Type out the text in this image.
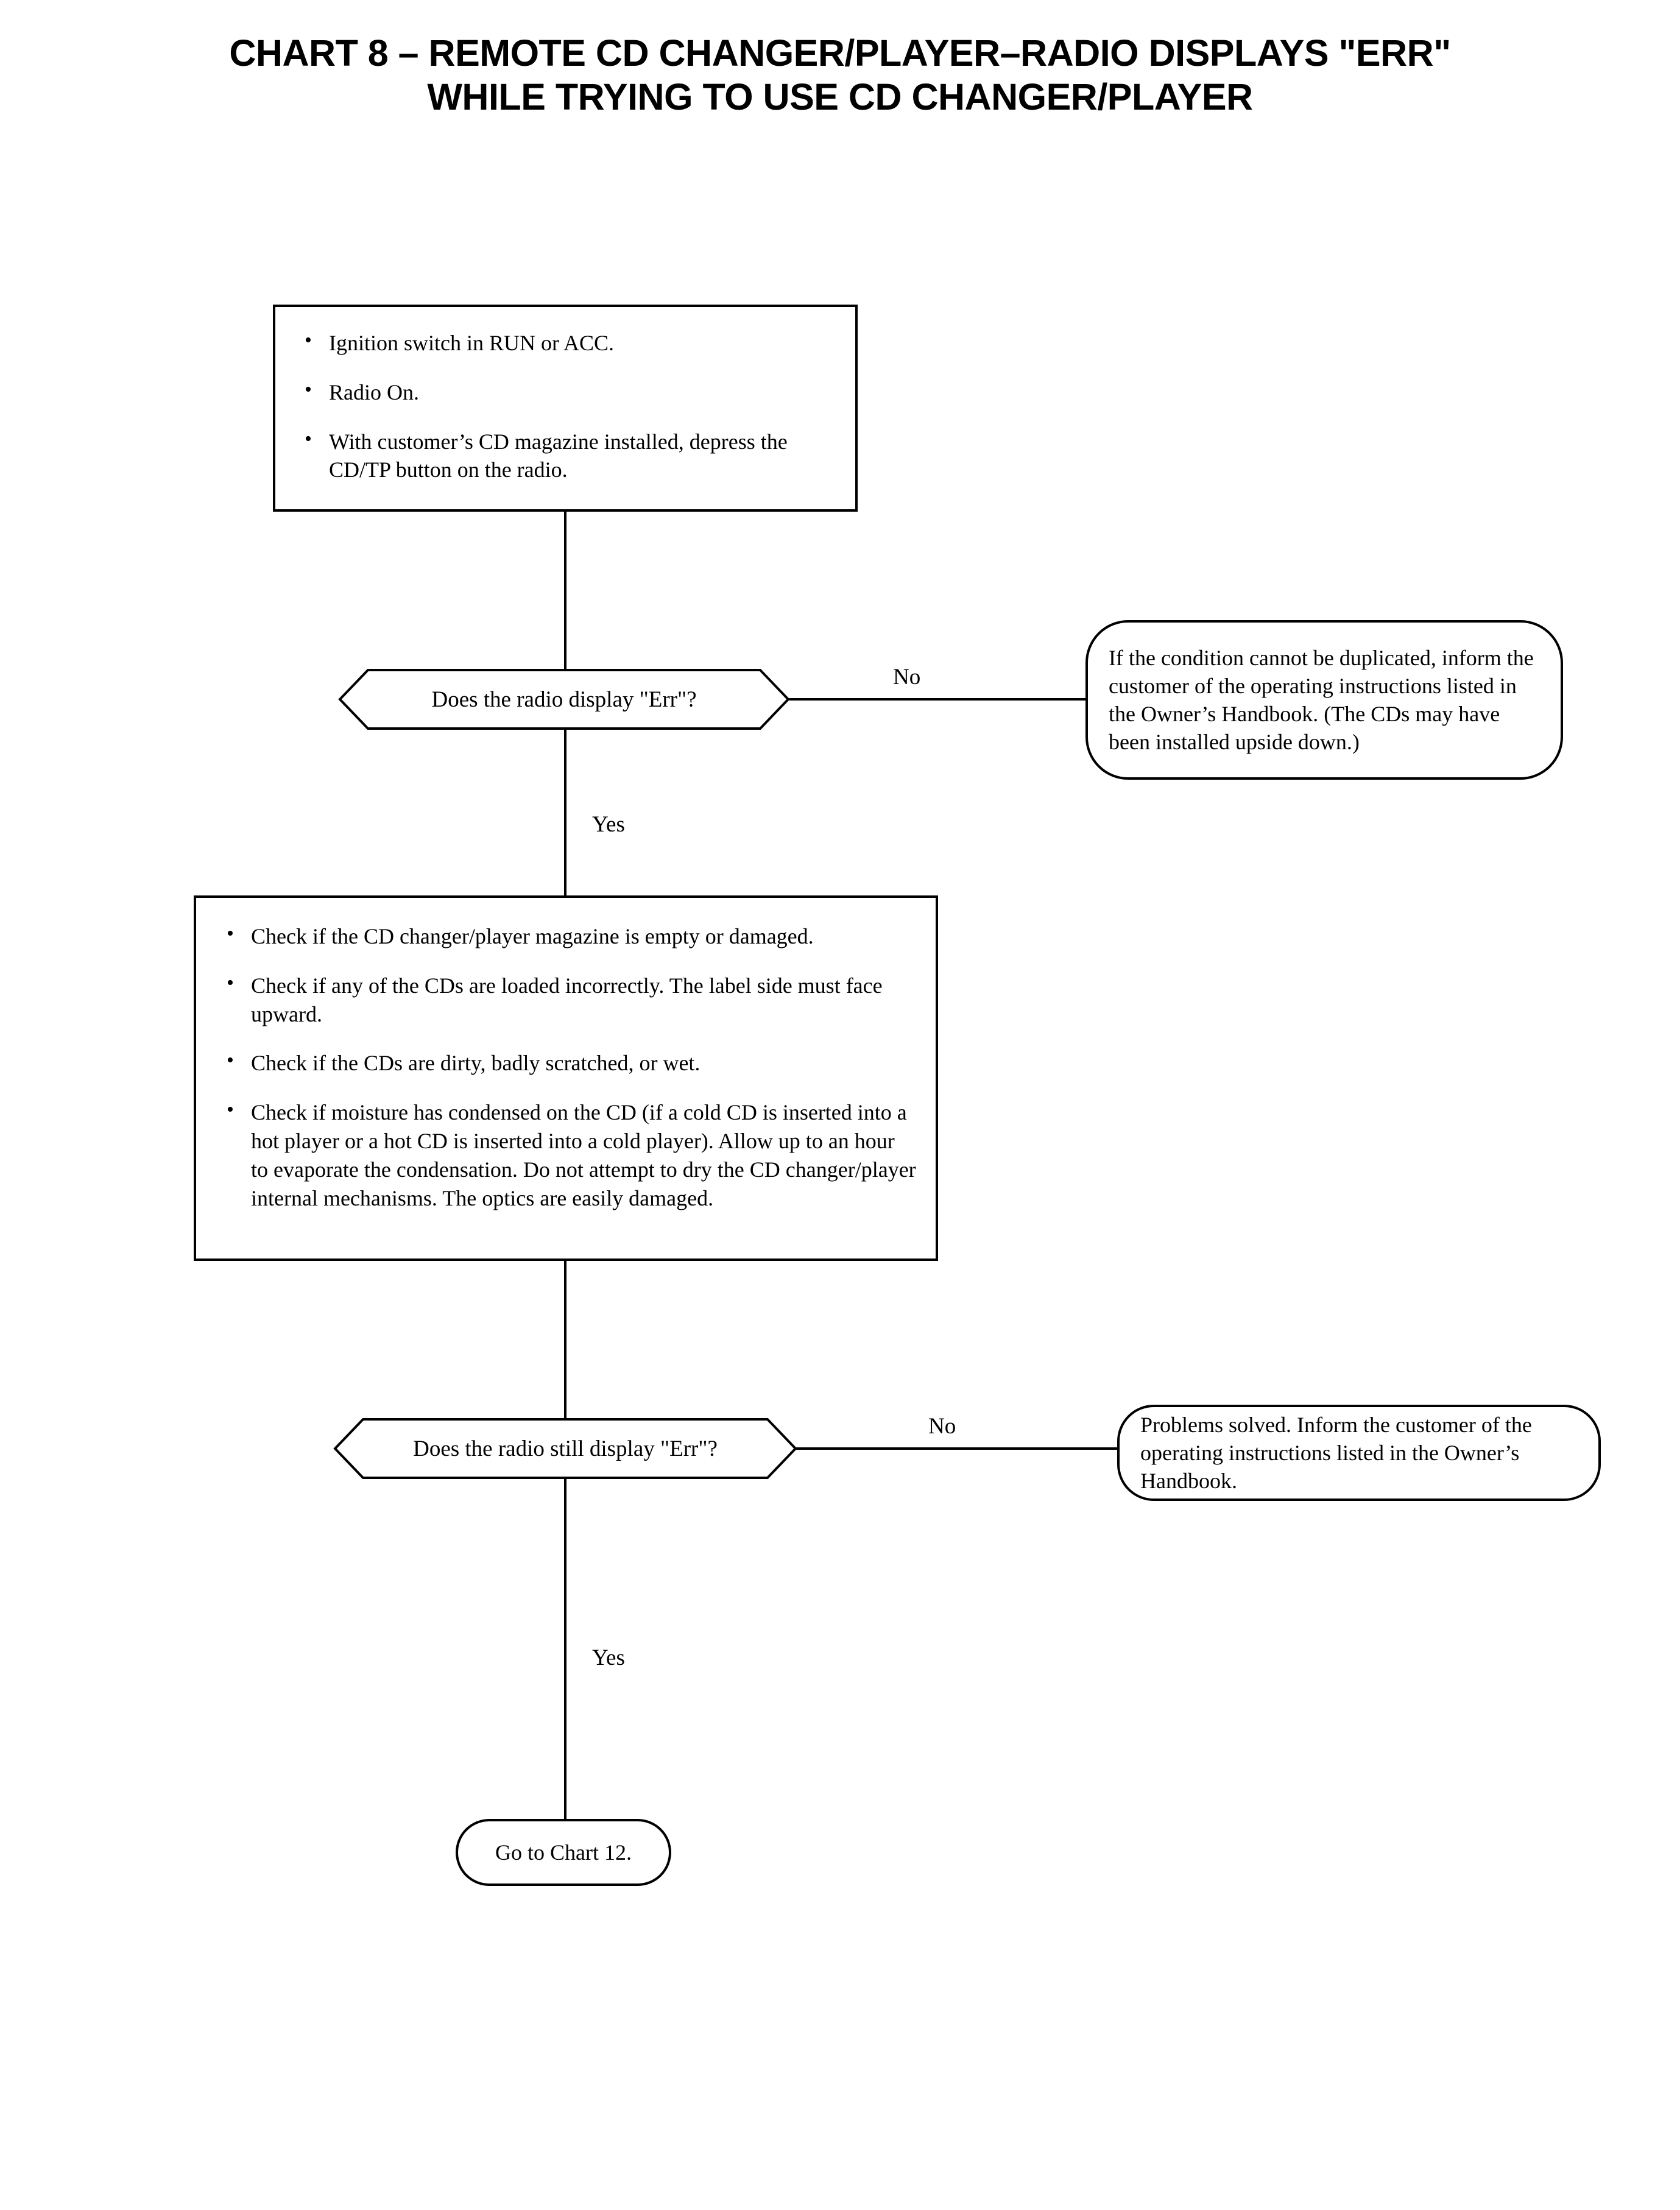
CHART 8 – REMOTE CD CHANGER/PLAYER–RADIO DISPLAYS "ERR"
WHILE TRYING TO USE CD CHANGER/PLAYER
• Ignition switch in RUN or ACC.
• Radio On.
• With customer’s CD magazine installed, depress the CD/TP button on the radio.
Does the radio display "Err"?
No
If the condition cannot be duplicated, inform the customer of the operating instructions listed in the Owner’s Handbook. (The CDs may have been installed upside down.)
Yes
• Check if the CD changer/player magazine is empty or damaged.
• Check if any of the CDs are loaded incorrectly. The label side must face upward.
• Check if the CDs are dirty, badly scratched, or wet.
• Check if moisture has condensed on the CD (if a cold CD is inserted into a hot player or a hot CD is inserted into a cold player). Allow up to an hour to evaporate the condensation. Do not attempt to dry the CD changer/player internal mechanisms. The optics are easily damaged.
Does the radio still display "Err"?
No	Problems solved. Inform the customer of the operating instructions listed in the Owner’s Handbook.
Yes
Go to Chart 12.
